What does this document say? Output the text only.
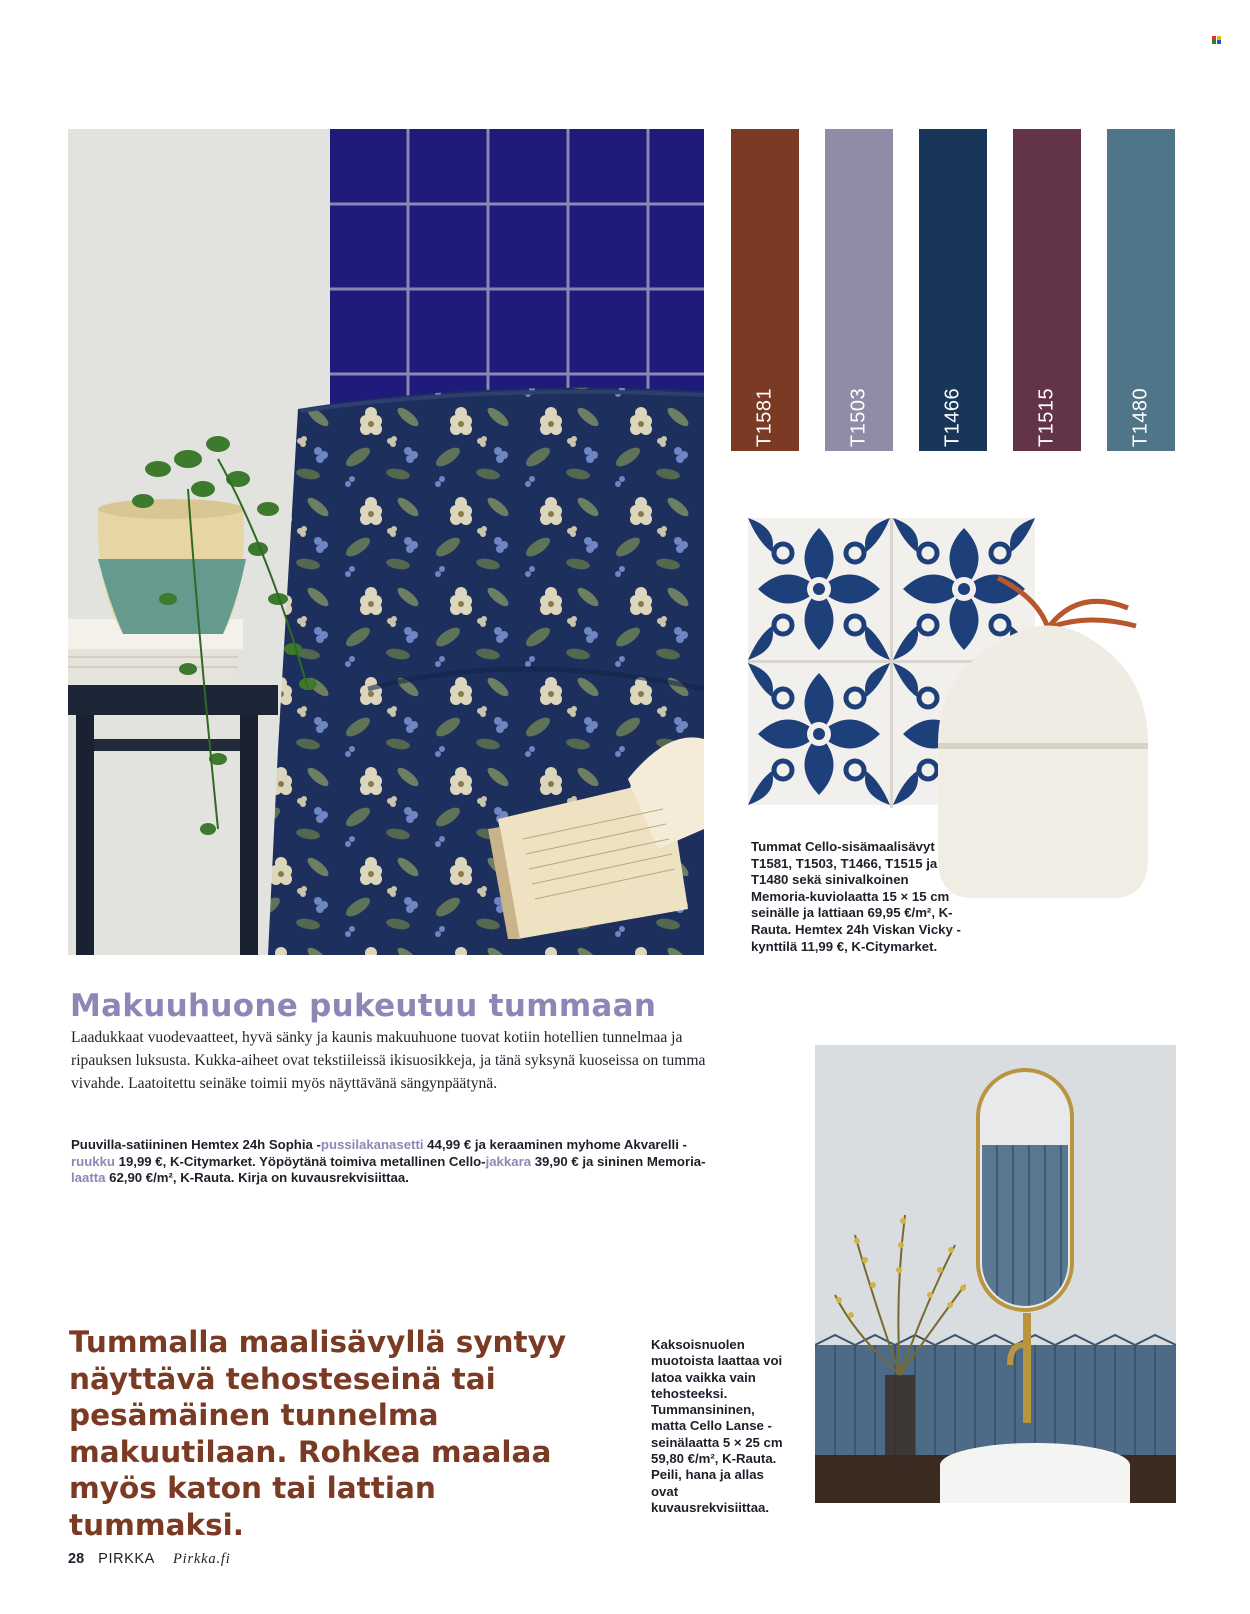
T1581	T1503	T1466	T1515	T1480
Tummat Cello-sisämaalisävyt T1581, T1503, T1466, T1515 ja T1480 sekä sinivalkoinen Memoria-kuviolaatta 15 × 15 cm seinälle ja lattiaan 69,95 €/m², K-Rauta. Hemtex 24h Viskan Vicky -kynttilä 11,99 €, K-Citymarket.
Makuuhuone pukeutuu tummaan
Laadukkaat vuodevaatteet, hyvä sänky ja kaunis makuuhuone tuovat kotiin hotellien tunnelmaa ja ripauksen luksusta. Kukka-aiheet ovat tekstiileissä ikisuosikkeja, ja tänä syksynä kuoseissa on tumma vivahde. Laatoitettu seinäke toimii myös näyttävänä sängynpäätynä.
Puuvilla-satiininen Hemtex 24h Sophia -pussilakanasetti 44,99 € ja keraaminen myhome Akvarelli -ruukku 19,99 €, K-Citymarket. Yöpöytänä toimiva metallinen Cello-jakkara 39,90 € ja sininen Memoria-laatta 62,90 €/m², K-Rauta. Kirja on kuvausrekvisiittaa.
Tummalla maalisävyllä syntyy näyttävä tehosteseinä tai pesämäinen tunnelma makuutilaan. Rohkea maalaa myös katon tai lattian tummaksi.
Kaksoisnuolen muotoista laattaa voi latoa vaikka vain tehosteeksi. Tummansininen, matta Cello Lanse -seinälaatta 5 × 25 cm 59,80 €/m², K-Rauta. Peili, hana ja allas ovat kuvausrekvisiittaa.
28 PIRKKA Pirkka.fi
